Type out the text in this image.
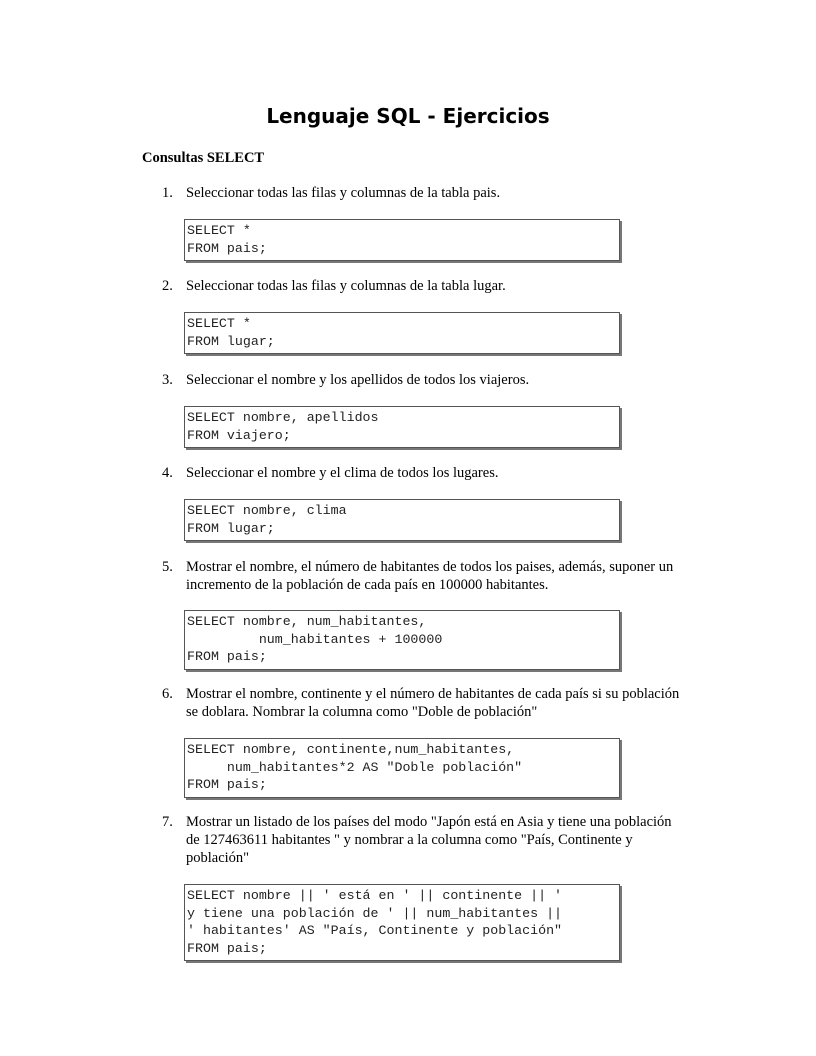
Lenguaje SQL - Ejercicios
Consultas SELECT
1. Seleccionar todas las filas y columnas de la tabla pais.
SELECT *
FROM pais;
2. Seleccionar todas las filas y columnas de la tabla lugar.
SELECT *
FROM lugar;
3. Seleccionar el nombre y los apellidos de todos los viajeros.
SELECT nombre, apellidos
FROM viajero;
4. Seleccionar el nombre y el clima de todos los lugares.
SELECT nombre, clima
FROM lugar;
5. Mostrar el nombre, el número de habitantes de todos los paises, además, suponer un incremento de la población de cada país en 100000 habitantes.
SELECT nombre, num_habitantes,
num_habitantes + 100000
FROM pais;
6. Mostrar el nombre, continente y el número de habitantes de cada país si su población se doblara. Nombrar la columna como "Doble de población"
SELECT nombre, continente,num_habitantes,
num_habitantes*2 AS "Doble población"
FROM pais;
7. Mostrar un listado de los países del modo "Japón está en Asia y tiene una población de 127463611 habitantes " y nombrar a la columna como "País, Continente y población"
SELECT nombre || ' está en ' || continente || '
y tiene una población de ' || num_habitantes ||
' habitantes' AS "País, Continente y población"
FROM pais;
